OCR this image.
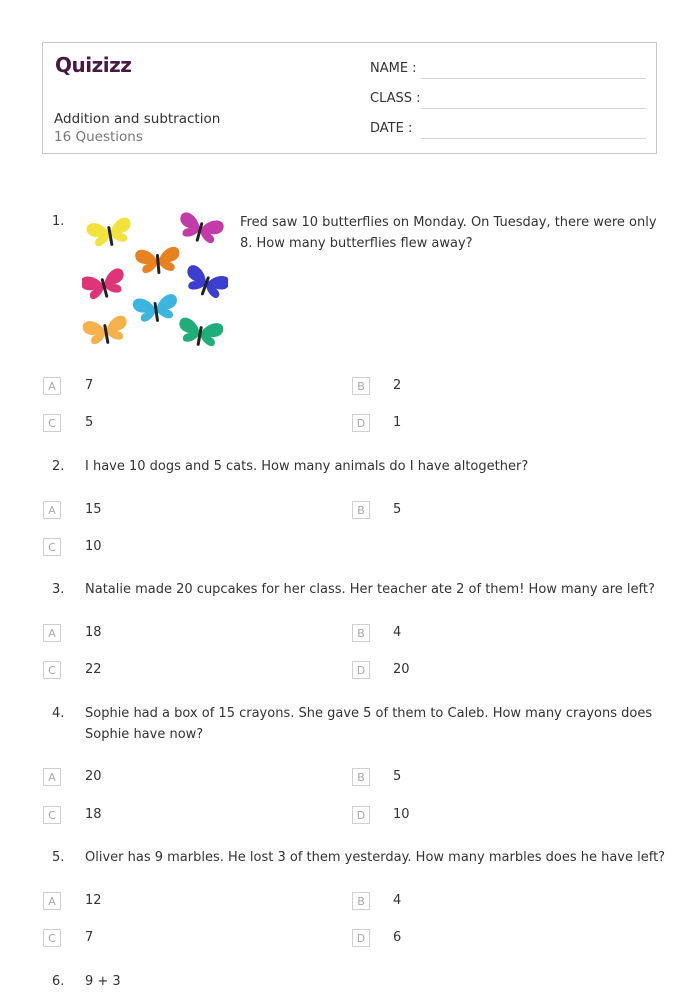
Quizizz
Addition and subtraction
16 Questions
NAME :
CLASS :
DATE :
1.	Fred saw 10 butterflies on Monday. On Tuesday, there were only 8. How many butterflies flew away?
A	7	B	2
C	5	D	1
2. I have 10 dogs and 5 cats. How many animals do I have altogether?
A	15	B	5
C	10
3. Natalie made 20 cupcakes for her class. Her teacher ate 2 of them! How many are left?
A	18	B	4
C	22	D	20
4. Sophie had a box of 15 crayons. She gave 5 of them to Caleb. How many crayons does Sophie have now?
A	20	B	5
C	18	D	10
5. Oliver has 9 marbles. He lost 3 of them yesterday. How many marbles does he have left?
A	12	B	4
C	7	D	6
6. 9 + 3
